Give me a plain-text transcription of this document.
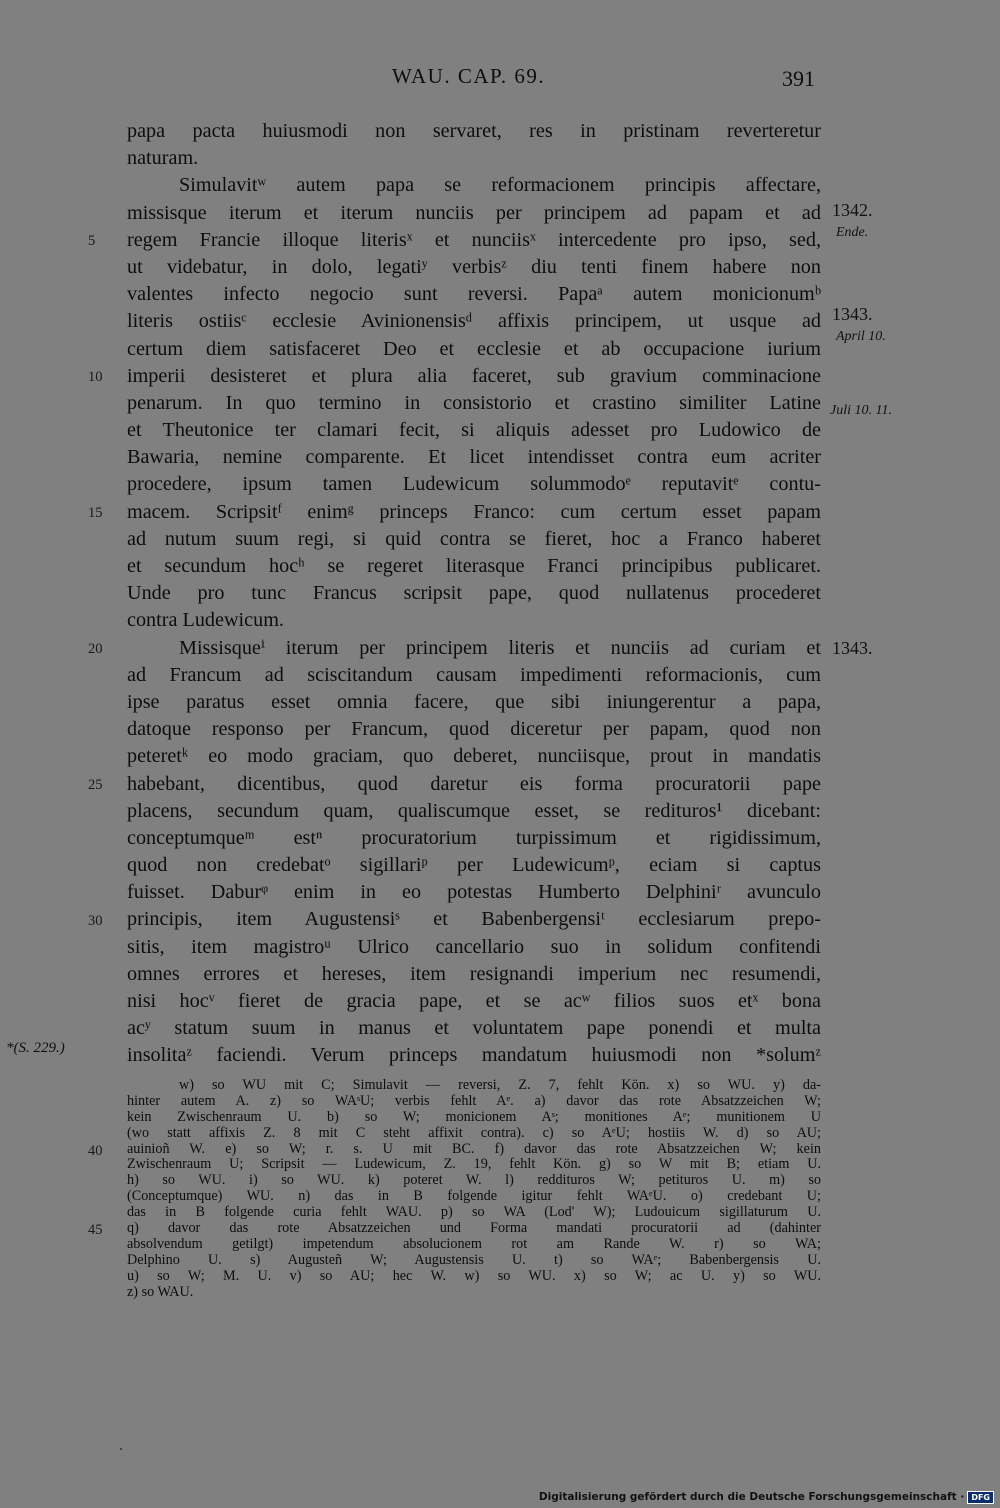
WAU. CAP. 69.	391
papa pacta huiusmodi non servaret, res in pristinam reverteretur
naturam.
Simulavitʷ autem papa se reformacionem principis affectare,
missisque iterum et iterum nunciis per principem ad papam et ad
regem Francie illoque literisˣ et nunciisˣ intercedente pro ipso, sed,
ut videbatur, in dolo, legatiʸ verbisᶻ diu tenti finem habere non
valentes infecto negocio sunt reversi. Papaᵃ autem monicionumᵇ
literis ostiisᶜ ecclesie Avinionensisᵈ affixis principem, ut usque ad
certum diem satisfaceret Deo et ecclesie et ab occupacione iurium
imperii desisteret et plura alia faceret, sub gravium comminacione
penarum. In quo termino in consistorio et crastino similiter Latine
et Theutonice ter clamari fecit, si aliquis adesset pro Ludowico de
Bawaria, nemine comparente. Et licet intendisset contra eum acriter
procedere, ipsum tamen Ludewicum solummodoᵉ reputavitᵉ contu-
macem. Scripsitᶠ enimᵍ princeps Franco: cum certum esset papam
ad nutum suum regi, si quid contra se fieret, hoc a Franco haberet
et secundum hocʰ se regeret literasque Franci principibus publicaret.
Unde pro tunc Francus scripsit pape, quod nullatenus procederet
contra Ludewicum.
Missisqueⁱ iterum per principem literis et nunciis ad curiam et
ad Francum ad sciscitandum causam impedimenti reformacionis, cum
ipse paratus esset omnia facere, que sibi iniungerentur a papa,
datoque responso per Francum, quod diceretur per papam, quod non
peteretᵏ eo modo graciam, quo deberet, nunciisque, prout in mandatis
habebant, dicentibus, quod daretur eis forma procuratorii pape
placens, secundum quam, qualiscumque esset, se redituros¹ dicebant:
conceptumqueᵐ estⁿ procuratorium turpissimum et rigidissimum,
quod non credebatᵒ sigillariᵖ per Ludewicumᵖ, eciam si captus
fuisset. Daburᵠ enim in eo potestas Humberto Delphiniʳ avunculo
principis, item Augustensiˢ et Babenbergensiᵗ ecclesiarum prepo-
sitis, item magistroᵘ Ulrico cancellario suo in solidum confitendi
omnes errores et hereses, item resignandi imperium nec resumendi,
nisi hocᵛ fieret de gracia pape, et se acʷ filios suos etˣ bona
acʸ statum suum in manus et voluntatem pape ponendi et multa
insolitaᶻ faciendi. Verum princeps mandatum huiusmodi non *solumᶻ
5
10
15
20
25
30
1342.
Ende.
1343.
April 10.
Juli 10. 11.
1343.
*(S. 229.)
w) so WU mit C; Simulavit — reversi, Z. 7, fehlt Kön. x) so WU. y) da-
hinter autem A. z) so WAˢU; verbis fehlt Aᵉ. a) davor das rote Absatzzeichen W;
kein Zwischenraum U. b) so W; monicionem Aˢ; monitiones Aᵉ; munitionem U
(wo statt affixis Z. 8 mit C steht affixit contra). c) so AᵉU; hostiis W. d) so AU;
auinioñ W. e) so W; r. s. U mit BC. f) davor das rote Absatzzeichen W; kein
Zwischenraum U; Scripsit — Ludewicum, Z. 19, fehlt Kön. g) so W mit B; etiam U.
h) so WU. i) so WU. k) poteret W. l) reddituros W; petituros U. m) so
(Conceptumque) WU. n) das in B folgende igitur fehlt WAᵉU. o) credebant U;
das in B folgende curia fehlt WAU. p) so WA (Lod' W); Ludouicum sigillaturum U.
q) davor das rote Absatzzeichen und Forma mandati procuratorii ad (dahinter
absolvendum getilgt) impetendum absolucionem rot am Rande W. r) so WA;
Delphino U. s) Augusteñ W; Augustensis U. t) so WAᵉ; Babenbergensis U.
u) so W; M. U. v) so AU; hec W. w) so WU. x) so W; ac U. y) so WU.
z) so WAU.
40
45
Digitalisierung gefördert durch die Deutsche Forschungsgemeinschaft · DFG
